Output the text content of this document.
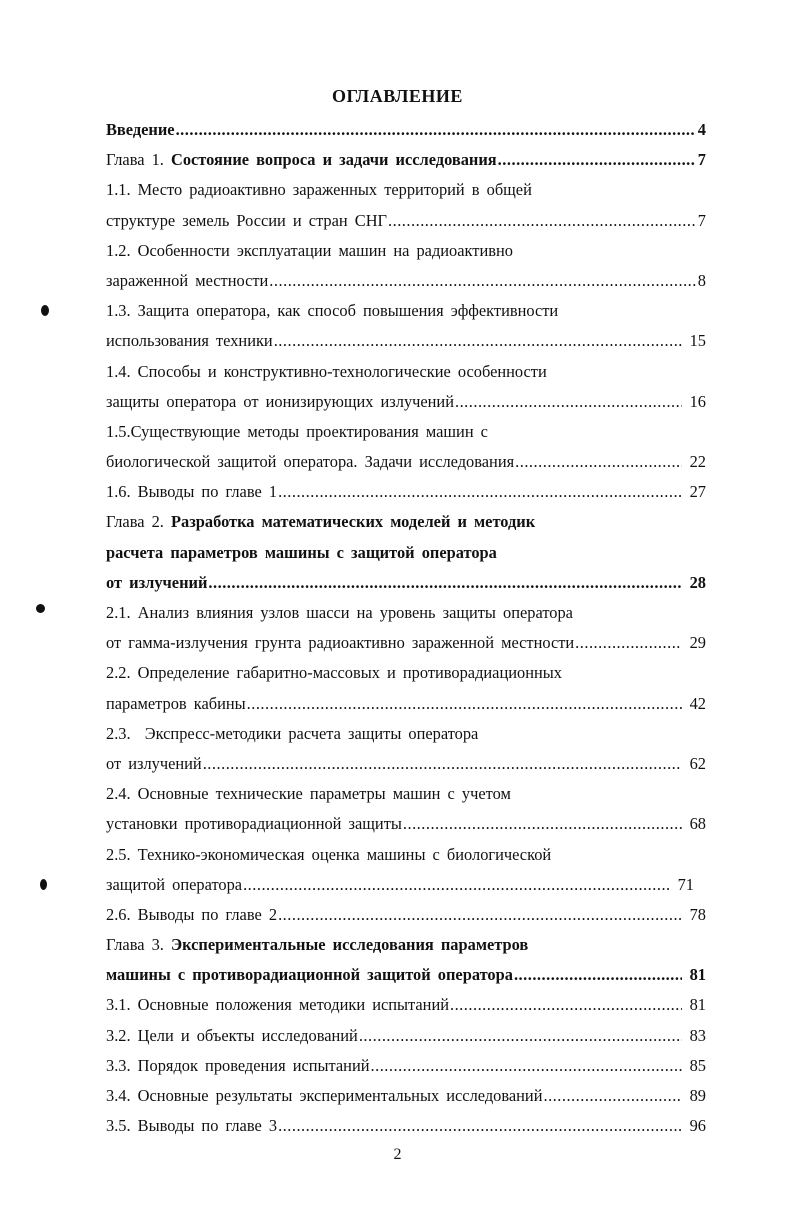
ОГЛАВЛЕНИЕ
Введение .....	4
Глава 1. Состояние вопроса и задачи исследования .....	7
1.1. Место радиоактивно зараженных территорий в общей
структуре земель России и стран СНГ .....	7
1.2. Особенности эксплуатации машин на радиоактивно
зараженной местности .....	8
1.3. Защита оператора, как способ повышения эффективности
использования техники .....	15
1.4. Способы и конструктивно-технологические особенности
защиты оператора от ионизирующих излучений .....	16
1.5.Существующие методы проектирования машин с
биологической защитой оператора. Задачи исследования .....	22
1.6. Выводы по главе 1 .....	27
Глава 2. Разработка математических моделей и методик
расчета параметров машины с защитой оператора
от излучений .....	28
2.1. Анализ влияния узлов шасси на уровень защиты оператора
от гамма-излучения грунта радиоактивно зараженной местности .....	29
2.2. Определение габаритно-массовых и противорадиационных
параметров кабины .....	42
2.3.  Экспресс-методики расчета защиты оператора
от излучений .....	62
2.4. Основные технические параметры машин с учетом
установки противорадиационной защиты .....	68
2.5. Технико-экономическая оценка машины с биологической
защитой оператора .....	71
2.6. Выводы по главе 2 .....	78
Глава 3. Экспериментальные исследования параметров
машины с противорадиационной защитой оператора .....	81
3.1. Основные положения методики испытаний .....	81
3.2. Цели и объекты исследований .....	83
3.3. Порядок проведения испытаний .....	85
3.4. Основные результаты экспериментальных исследований .....	89
3.5. Выводы по главе 3 .....	96
2
